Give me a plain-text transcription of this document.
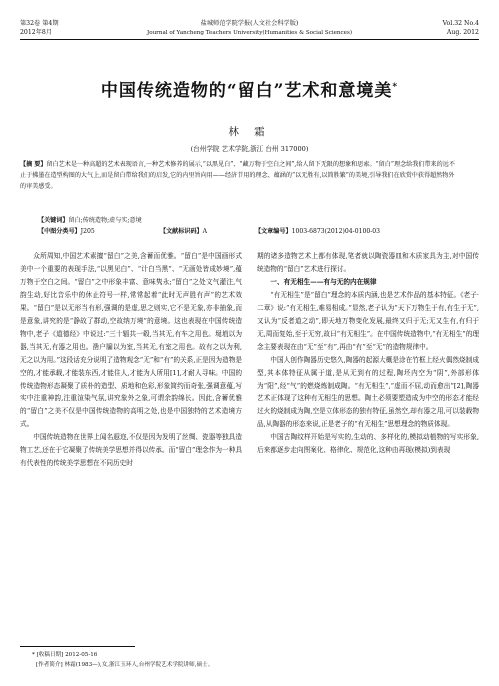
第32卷 第4期
2012年8月
盐城师范学院学报(人文社会科学版)
Journal of Yancheng Teachers University(Humanities & Social Sciences)
Vol.32 No.4
Aug. 2012
中国传统造物的“留白”艺术和意境美*
林 霜
(台州学院 艺术学院,浙江 台州 317000)
【摘 要】留白艺术是一种高超的艺术表现语言,一种艺术修养的展示,“以黑见白”、“藏万物于空白之间”,给人留下无限的想象和思索。“留白”理念给我们带来的远不止于拂墨在造型构图的大气上,而是留白带给我们的启发,它的内里旨向用——经济节用的理念、蕴涵的“以无胜有,以简胜繁”的美境,引导我们在欣赏中获得超然物外的审美感受。
【关键词】留白;传统造物;虚与实;意境
【中图分类号】J205	【文献标识码】A	【文章编号】1003-6873(2012)04-0100-03

众所周知,中国艺术素擅“留白”之美,含蓄而优雅。“留白”是中国画形式美中一个重要的表现手法,“以黑见白”、“计白当黑”、“无画处皆成妙境”,蕴万物于空白之间。“留白”之中形象丰富、意味隽永;“留白”之处文气灌注,气韵生动,好比音乐中的休止符号一样,常常起着“此时无声胜有声”的艺术效果。“留白”是以无形当有形,强调的是虚,思之则实,它不是无象,亦非抽象,而是意象,讲究的是“静故了群动,空故纳万境”的意境。这也表现在中国传统造物中,老子《道德经》中说过:“三十辐共一毂,当其无,有车之用也。埏埴以为器,当其无,有器之用也。凿户牖以为室,当其无,有室之用也。故有之以为利,无之以为用。”这段话充分说明了造物观念“无”和“有”的关系,正是因为造物是空的,才能承载,才能装东西,才能住人,才能为人所用[1],才耐人寻味。中国的传统造物形态凝聚了质朴的造型、质地和色彩,形象简约而奇张,强调意蕴,写实中注重神韵,注重渲染气氛,讲究象外之象,可谓余韵绵长。因此,含蓄优雅的“留白”之美不仅是中国传统造物的高明之处,也是中国独特的艺术造境方式。

中国传统造物在世界上闻名遐迩,不仅是因为发明了丝绸、瓷器等独具造物工艺,还在于它凝聚了传统美学思想并得以传承。而“留白”理念作为一种具有代表性的传统美学思想在不同历史时

期的诸多造物艺术上都有体现,笔者就以陶瓷器皿和木质家具为主,对中国传统造物的“留白”艺术进行探讨。

一、有无相生——有与无的内在规律

“有无相生”是“留白”理念的本质内涵,也是艺术作品的基本特征。《老子·二章》说:“有无相生,难易相成。”显然,老子认为“天下万物生于有,有生于无”,又认为“反者道之动”,即天地万物变化发展,最终又归于无;无又生有,有归于无,周而复始,至于无穷,故曰“有无相生”。在中国传统造物中,“有无相生”的理念主要表现在由“无”至“有”,再由“有”至“无”的造物规律中。

中国人创作陶器历史悠久,陶器的起源大概是涂在竹框上经火偶然烧制成型,其本体特征从属于道,是从无到有的过程,陶坯内空为“阴”,外部形体为“阳”,经“气”的燃烧炼制成陶。“有无相生”,“虚而不屈,动而愈出”[2],陶器艺术正体现了这种有无相生的思想。陶土必须要塑造成为中空的形态才能经过火的烧制成为陶,空是立体形态的独有特征,虽然空,却有器之用,可以装载物品,从陶器的形态来说,正是老子的“有无相生”思想理念的物质体现。

中国古陶纹样开始是写实的,生动的、多样化的,模拟动植物的写实形象,后来都逐步走向图案化、格律化、规范化,这种由再现(模拟)到表现

* [收稿日期] 2012-05-16
[作者简介] 林霜(1983—),女,浙江玉环人,台州学院艺术学院讲师,硕士。
